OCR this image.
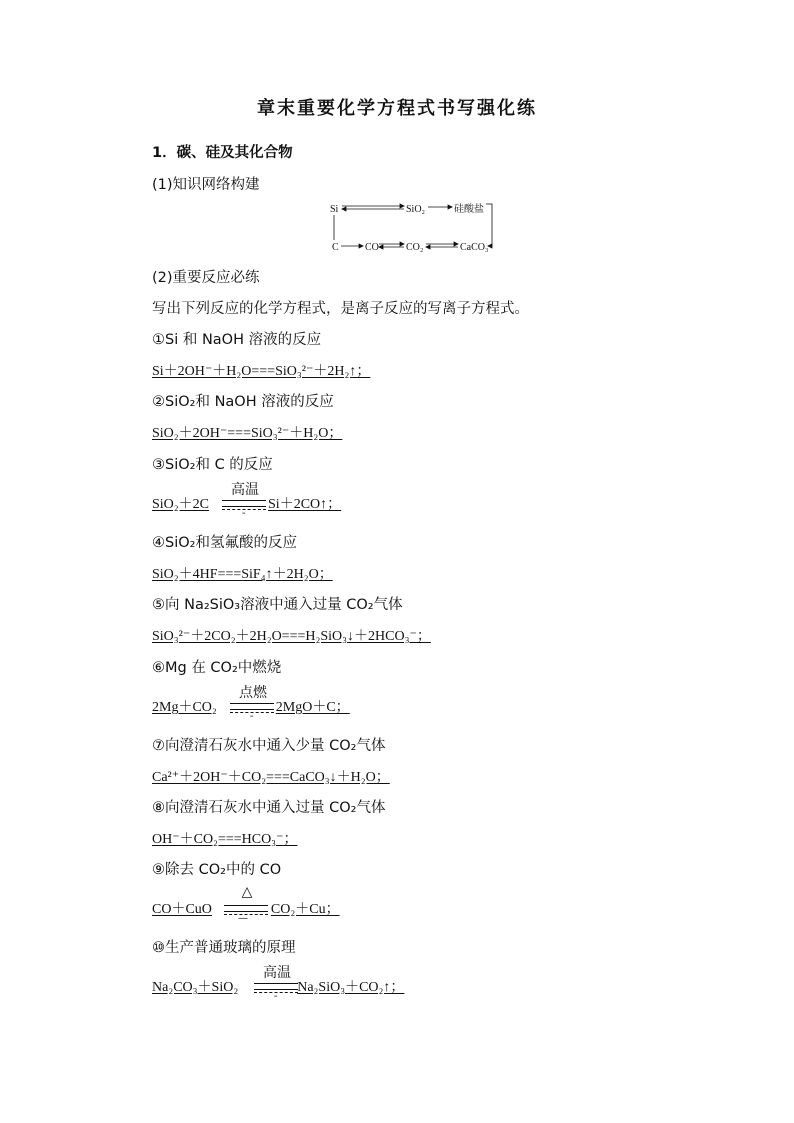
章末重要化学方程式书写强化练
1．碳、硅及其化合物
(1)知识网络构建
Si	SiO₂	硅酸盐
C	CO	CO₂	CaCO₃
(2)重要反应必练
写出下列反应的化学方程式，是离子反应的写离子方程式。
①Si 和 NaOH 溶液的反应
Si＋2OH⁻＋H₂O===SiO₃²⁻＋2H₂↑；
②SiO₂和 NaOH 溶液的反应
SiO₂＋2OH⁻===SiO₃²⁻＋H₂O；
③SiO₂和 C 的反应
SiO₂＋2C	Si＋2CO↑；
高温
-
④SiO₂和氢氟酸的反应
SiO₂＋4HF===SiF₄↑＋2H₂O；
⑤向 Na₂SiO₃溶液中通入过量 CO₂气体
SiO₃²⁻＋2CO₂＋2H₂O===H₂SiO₃↓＋2HCO₃⁻；
⑥Mg 在 CO₂中燃烧
2Mg＋CO₂	2MgO＋C；
点燃
-
⑦向澄清石灰水中通入少量 CO₂气体
Ca²⁺＋2OH⁻＋CO₂===CaCO₃↓＋H₂O；
⑧向澄清石灰水中通入过量 CO₂气体
OH⁻＋CO₂===HCO₃⁻；
⑨除去 CO₂中的 CO
CO＋CuO	CO₂＋Cu；
△
—
⑩生产普通玻璃的原理
Na₂CO₃＋SiO₂	Na₂SiO₃＋CO₂↑；
高温
-
